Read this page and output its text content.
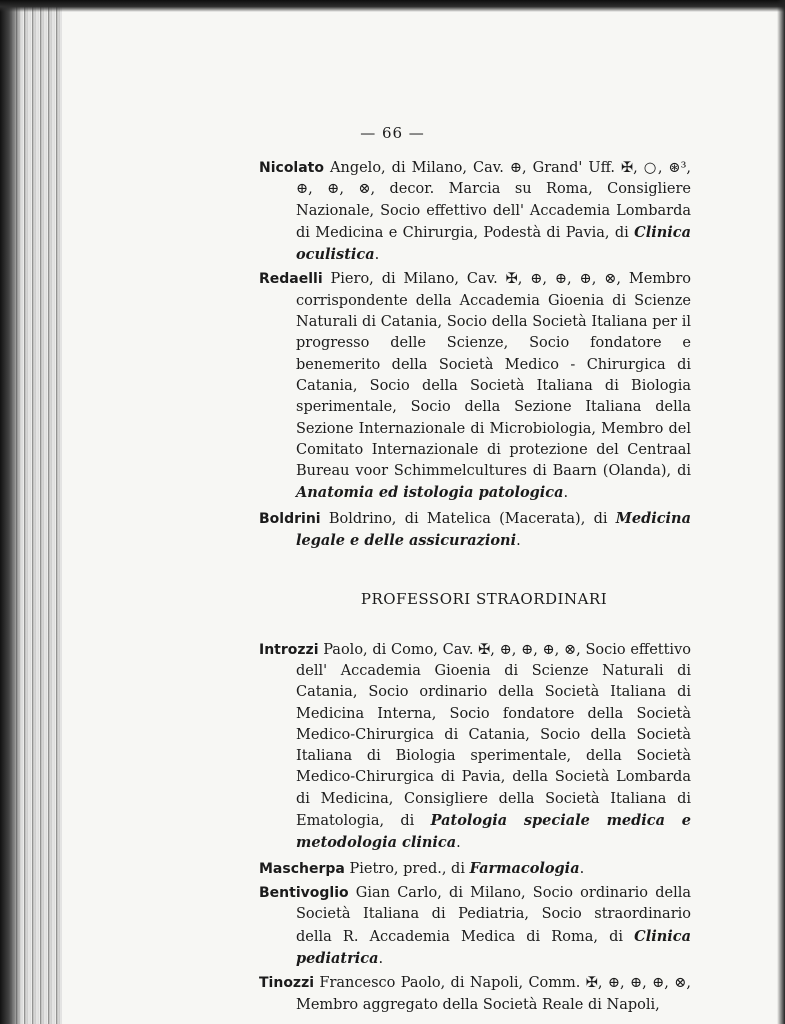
— 66 —

Nicolato Angelo, di Milano, Cav. ⊕, Grand' Uff. ✠, ○, ⊛³, ⊕, ⊕, ⊗, decor. Marcia su Roma, Consigliere Nazionale, Socio effettivo dell' Accademia Lombarda di Medicina e Chirurgia, Podestà di Pavia, di Clinica oculistica.

Redaelli Piero, di Milano, Cav. ✠, ⊕, ⊕, ⊕, ⊗, Membro corrispondente della Accademia Gioenia di Scienze Naturali di Catania, Socio della Società Italiana per il progresso delle Scienze, Socio fondatore e benemerito della Società Medico - Chirurgica di Catania, Socio della Società Italiana di Biologia sperimentale, Socio della Sezione Italiana della Sezione Internazionale di Microbiologia, Membro del Comitato Internazionale di protezione del Centraal Bureau voor Schimmelcultures di Baarn (Olanda), di Anatomia ed istologia patologica.

Boldrini Boldrino, di Matelica (Macerata), di Medicina legale e delle assicurazioni.

PROFESSORI STRAORDINARI

Introzzi Paolo, di Como, Cav. ✠, ⊕, ⊕, ⊕, ⊗, Socio effettivo dell' Accademia Gioenia di Scienze Naturali di Catania, Socio ordinario della Società Italiana di Medicina Interna, Socio fondatore della Società Medico-Chirurgica di Catania, Socio della Società Italiana di Biologia sperimentale, della Società Medico-Chirurgica di Pavia, della Società Lombarda di Medicina, Consigliere della Società Italiana di Ematologia, di Patologia speciale medica e metodologia clinica.

Mascherpa Pietro, pred., di Farmacologia.

Bentivoglio Gian Carlo, di Milano, Socio ordinario della Società Italiana di Pediatria, Socio straordinario della R. Accademia Medica di Roma, di Clinica pediatrica.

Tinozzi Francesco Paolo, di Napoli, Comm. ✠, ⊕, ⊕, ⊕, ⊗, Membro aggregato della Società Reale di Napoli,
